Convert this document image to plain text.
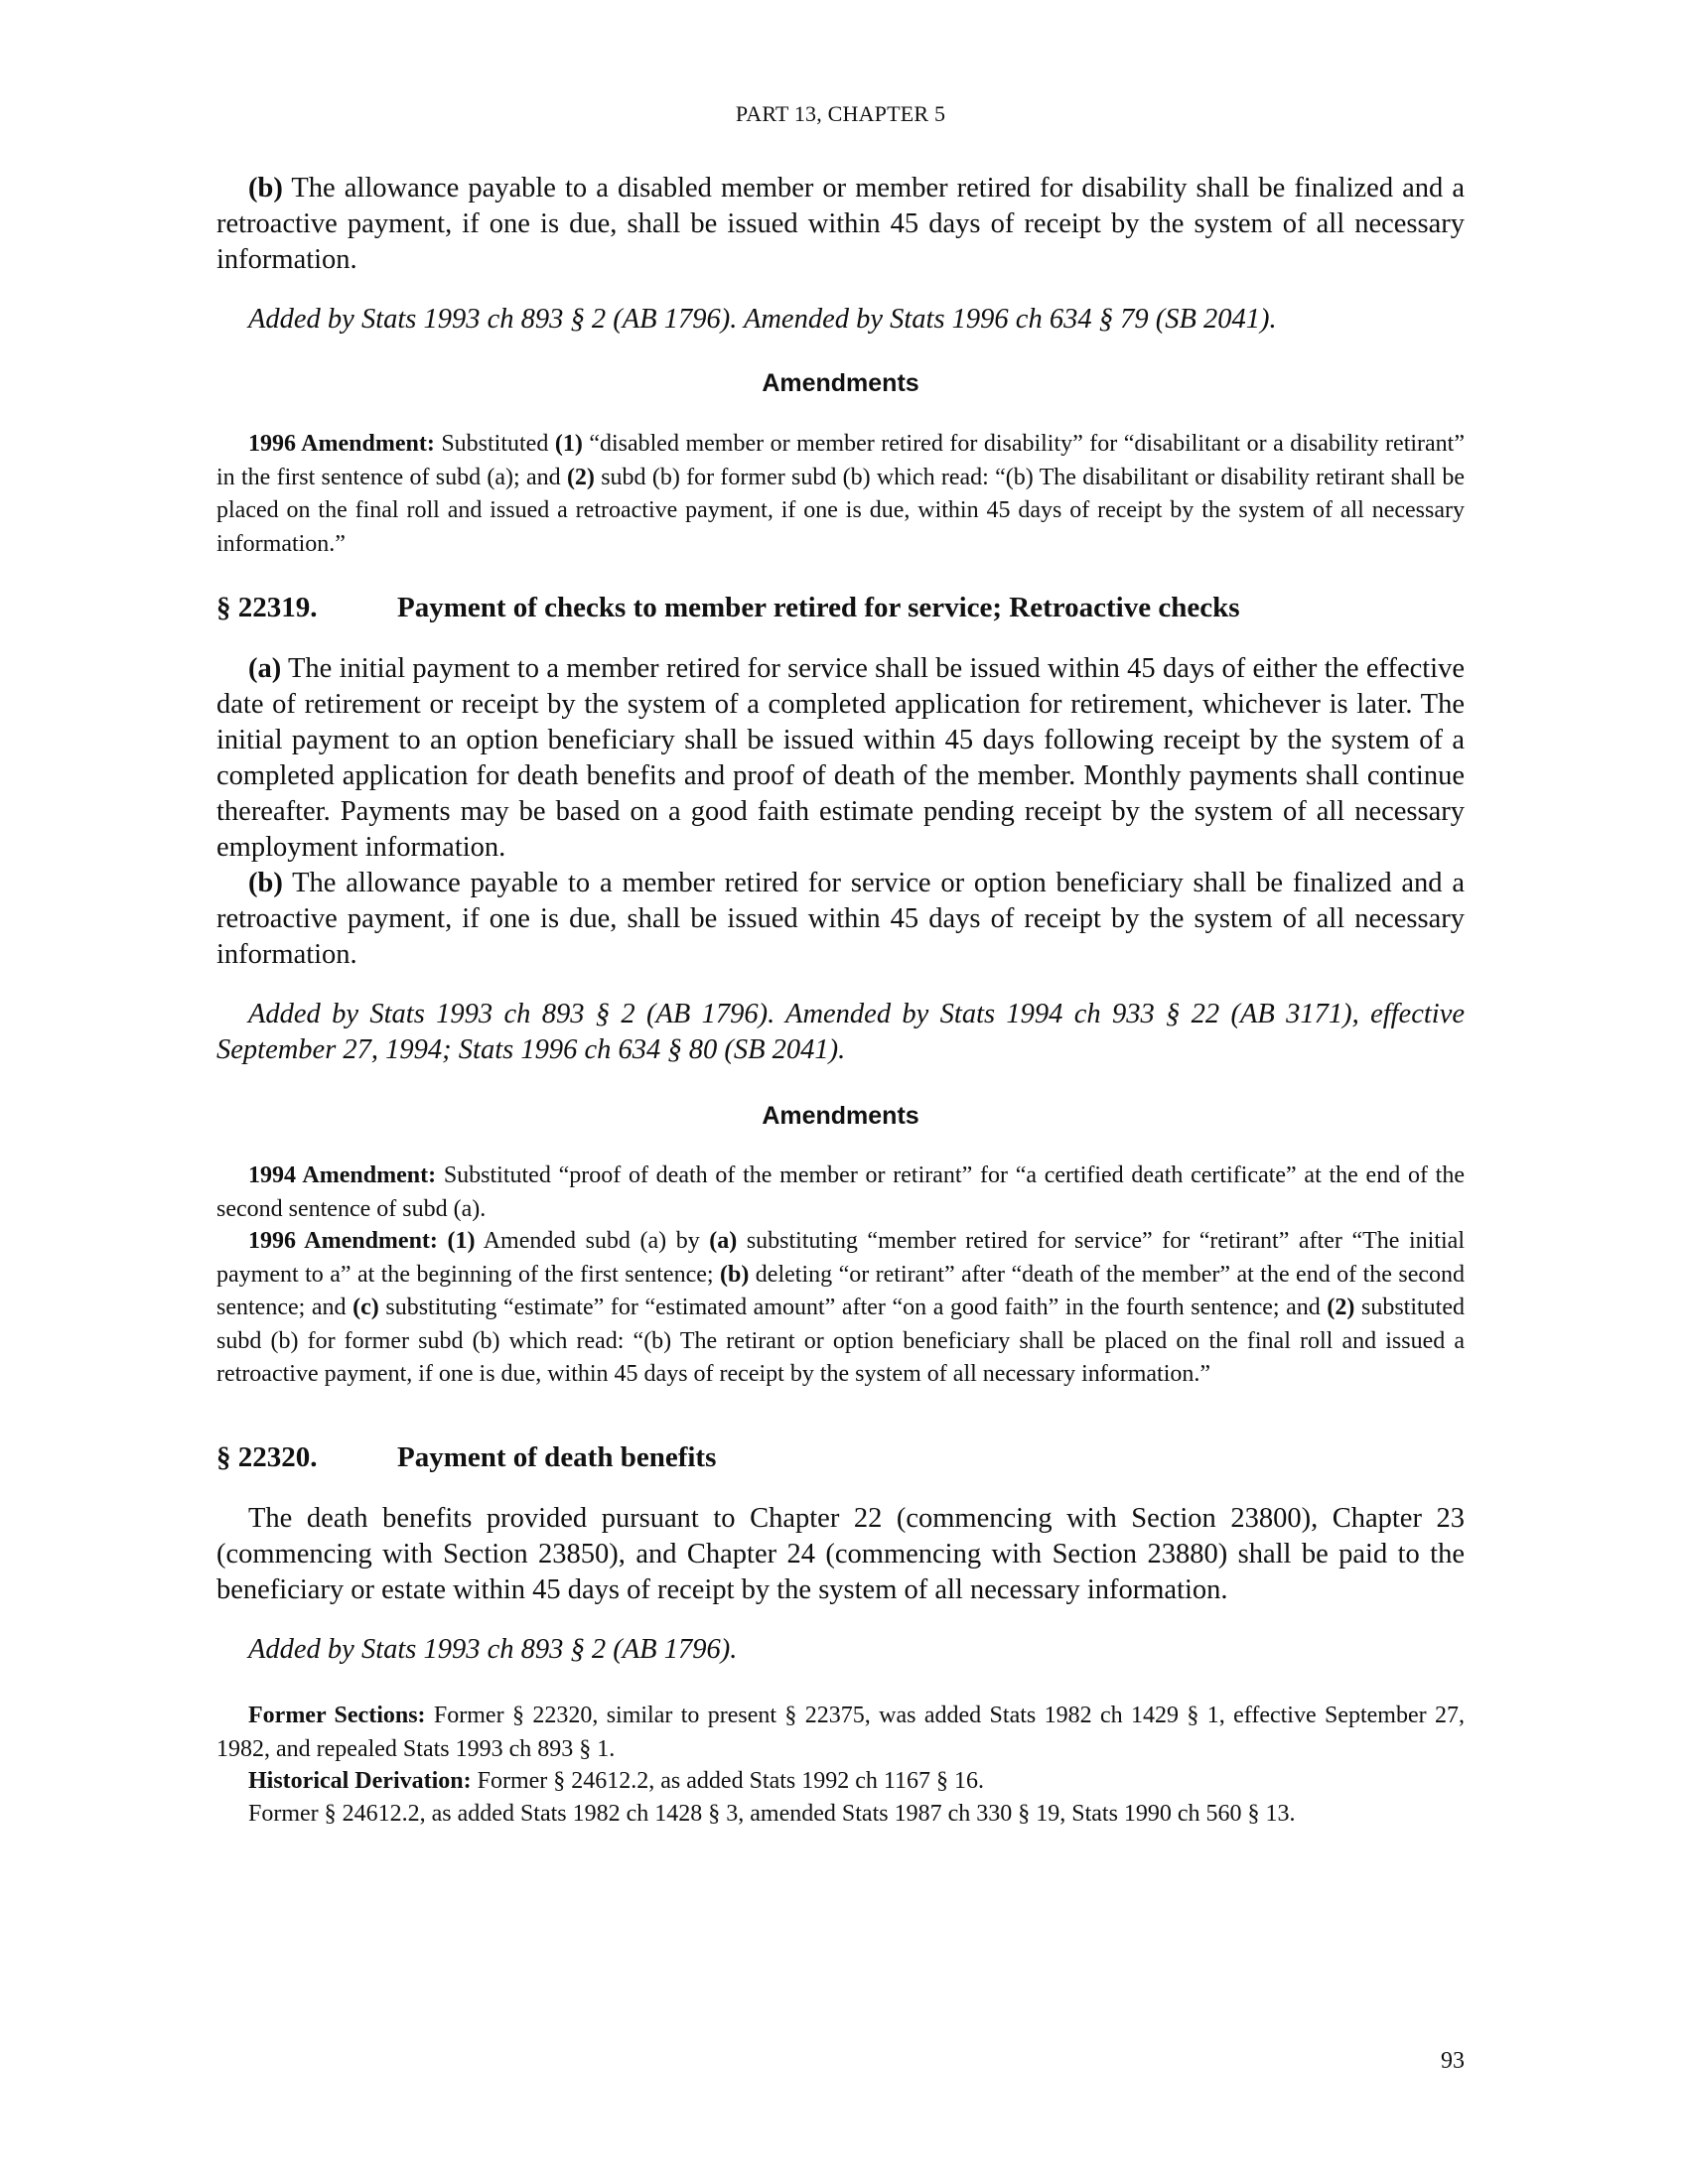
PART 13, CHAPTER 5

(b) The allowance payable to a disabled member or member retired for disability shall be finalized and a retroactive payment, if one is due, shall be issued within 45 days of receipt by the system of all necessary information.

Added by Stats 1993 ch 893 § 2 (AB 1796). Amended by Stats 1996 ch 634 § 79 (SB 2041).

Amendments

1996 Amendment: Substituted (1) “disabled member or member retired for disability” for “disabilitant or a disability retirant” in the first sentence of subd (a); and (2) subd (b) for former subd (b) which read: “(b) The disabilitant or disability retirant shall be placed on the final roll and issued a retroactive payment, if one is due, within 45 days of receipt by the system of all necessary information.”

§ 22319.	Payment of checks to member retired for service; Retroactive checks

(a) The initial payment to a member retired for service shall be issued within 45 days of either the effective date of retirement or receipt by the system of a completed application for retirement, whichever is later. The initial payment to an option beneficiary shall be issued within 45 days following receipt by the system of a completed application for death benefits and proof of death of the member. Monthly payments shall continue thereafter. Payments may be based on a good faith estimate pending receipt by the system of all necessary employment information.

(b) The allowance payable to a member retired for service or option beneficiary shall be finalized and a retroactive payment, if one is due, shall be issued within 45 days of receipt by the system of all necessary information.

Added by Stats 1993 ch 893 § 2 (AB 1796). Amended by Stats 1994 ch 933 § 22 (AB 3171), effective September 27, 1994; Stats 1996 ch 634 § 80 (SB 2041).

Amendments

1994 Amendment: Substituted “proof of death of the member or retirant” for “a certified death certificate” at the end of the second sentence of subd (a).

1996 Amendment: (1) Amended subd (a) by (a) substituting “member retired for service” for “retirant” after “The initial payment to a” at the beginning of the first sentence; (b) deleting “or retirant” after “death of the member” at the end of the second sentence; and (c) substituting “estimate” for “estimated amount” after “on a good faith” in the fourth sentence; and (2) substituted subd (b) for former subd (b) which read: “(b) The retirant or option beneficiary shall be placed on the final roll and issued a retroactive payment, if one is due, within 45 days of receipt by the system of all necessary information.”

§ 22320.	Payment of death benefits

The death benefits provided pursuant to Chapter 22 (commencing with Section 23800), Chapter 23 (commencing with Section 23850), and Chapter 24 (commencing with Section 23880) shall be paid to the beneficiary or estate within 45 days of receipt by the system of all necessary information.

Added by Stats 1993 ch 893 § 2 (AB 1796).

Former Sections: Former § 22320, similar to present § 22375, was added Stats 1982 ch 1429 § 1, effective September 27, 1982, and repealed Stats 1993 ch 893 § 1.

Historical Derivation: Former § 24612.2, as added Stats 1992 ch 1167 § 16.

Former § 24612.2, as added Stats 1982 ch 1428 § 3, amended Stats 1987 ch 330 § 19, Stats 1990 ch 560 § 13.

93
